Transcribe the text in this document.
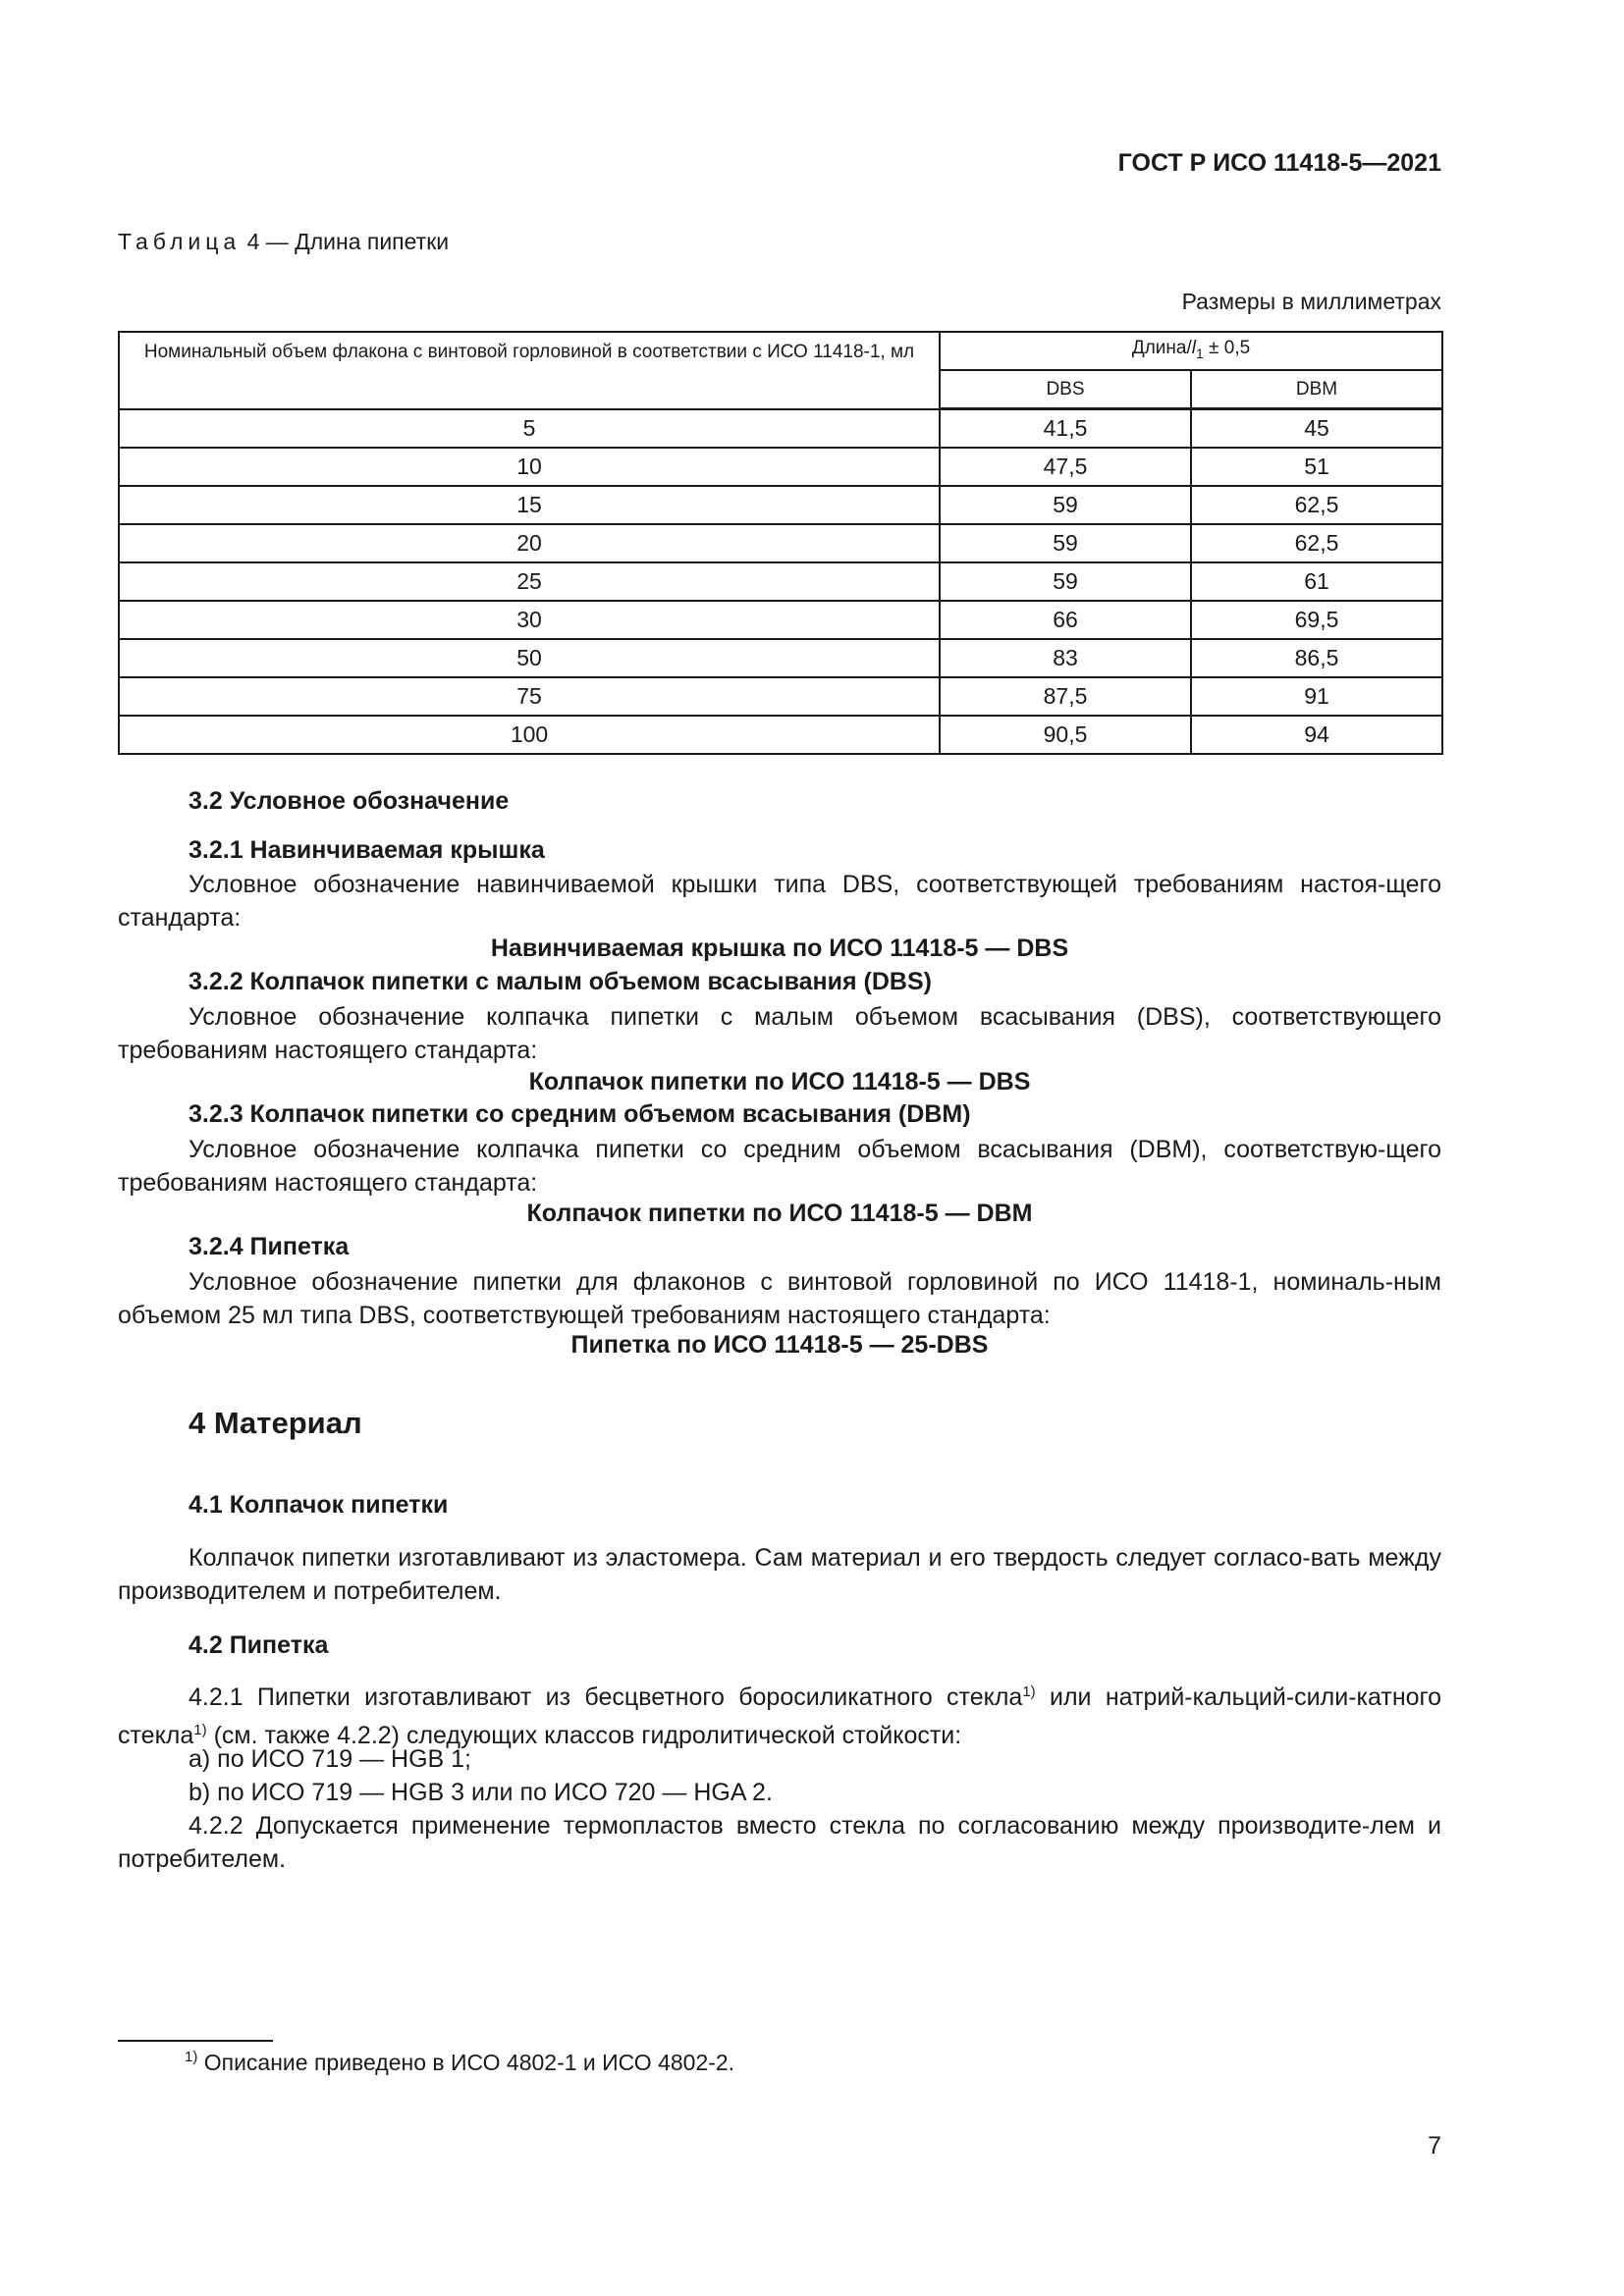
ГОСТ Р ИСО 11418-5—2021
Таблица 4 — Длина пипетки
Размеры в миллиметрах
Номинальный объем флакона с винтовой горловиной в соответствии с ИСО 11418-1, мл	Длина/$l_1 \pm 0,5$	
	DBS	DBM
5	41,5	45
10	47,5	51
15	59	62,5
20	59	62,5
25	59	61
30	66	69,5
50	83	86,5
75	87,5	91
100	90,5	94
3.2 Условное обозначение
3.2.1 Навинчиваемая крышка
Условное обозначение навинчиваемой крышки типа DBS, соответствующей требованиям настоя-щего стандарта:
Навинчиваемая крышка по ИСО 11418-5 — DBS
3.2.2 Колпачок пипетки с малым объемом всасывания (DBS)
Условное обозначение колпачка пипетки с малым объемом всасывания (DBS), соответствующего требованиям настоящего стандарта:
Колпачок пипетки по ИСО 11418-5 — DBS
3.2.3 Колпачок пипетки со средним объемом всасывания (DBM)
Условное обозначение колпачка пипетки со средним объемом всасывания (DBM), соответствую-щего требованиям настоящего стандарта:
Колпачок пипетки по ИСО 11418-5 — DBM
3.2.4 Пипетка
Условное обозначение пипетки для флаконов с винтовой горловиной по ИСО 11418-1, номиналь-ным объемом 25 мл типа DBS, соответствующей требованиям настоящего стандарта:
Пипетка по ИСО 11418-5 — 25-DBS
4 Материал
4.1 Колпачок пипетки
Колпачок пипетки изготавливают из эластомера. Сам материал и его твердость следует согласо-вать между производителем и потребителем.
4.2 Пипетка
4.2.1 Пипетки изготавливают из бесцветного боросиликатного стекла$^{1)}$ или натрий-кальций-сили-катного стекла$^{1)}$ (см. также 4.2.2) следующих классов гидролитической стойкости:
a) по ИСО 719 — HGB 1;
b) по ИСО 719 — HGB 3 или по ИСО 720 — HGA 2.
4.2.2 Допускается применение термопластов вместо стекла по согласованию между производите-лем и потребителем.
$^{1)}$ Описание приведено в ИСО 4802-1 и ИСО 4802-2.
7
